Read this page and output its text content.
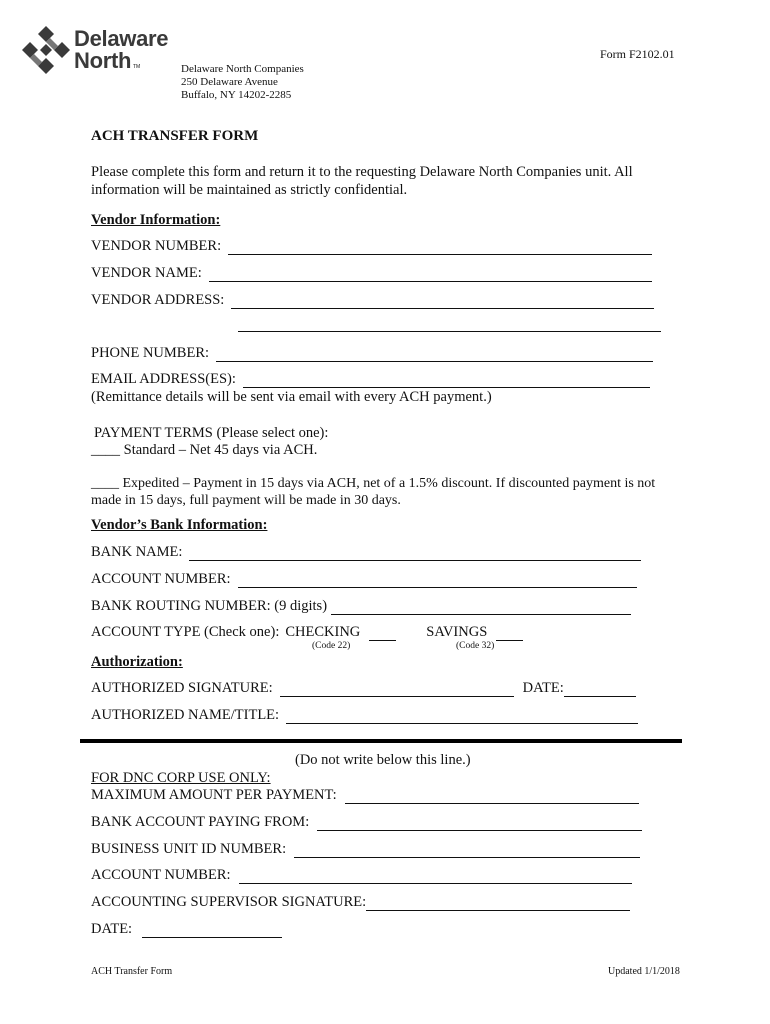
Delaware
North TM	Delaware North Companies
250 Delaware Avenue
Buffalo, NY 14202-2285
Form F2102.01
ACH TRANSFER FORM
Please complete this form and return it to the requesting Delaware North Companies unit. All
information will be maintained as strictly confidential.
Vendor Information:
VENDOR NUMBER:
VENDOR NAME:
VENDOR ADDRESS:
PHONE NUMBER:
EMAIL ADDRESS(ES):
(Remittance details will be sent via email with every ACH payment.)
PAYMENT TERMS (Please select one):
____ Standard – Net 45 days via ACH.
____ Expedited – Payment in 15 days via ACH, net of a 1.5% discount. If discounted payment is not
made in 15 days, full payment will be made in 30 days.
Vendor’s Bank Information:
BANK NAME:
ACCOUNT NUMBER:
BANK ROUTING NUMBER: (9 digits)
ACCOUNT TYPE (Check one): CHECKING	SAVINGS
(Code 22)	(Code 32)
Authorization:
AUTHORIZED SIGNATURE:	DATE:
AUTHORIZED NAME/TITLE:
(Do not write below this line.)
FOR DNC CORP USE ONLY:
MAXIMUM AMOUNT PER PAYMENT:
BANK ACCOUNT PAYING FROM:
BUSINESS UNIT ID NUMBER:
ACCOUNT NUMBER:
ACCOUNTING SUPERVISOR SIGNATURE:
DATE:
ACH Transfer Form	Updated 1/1/2018
